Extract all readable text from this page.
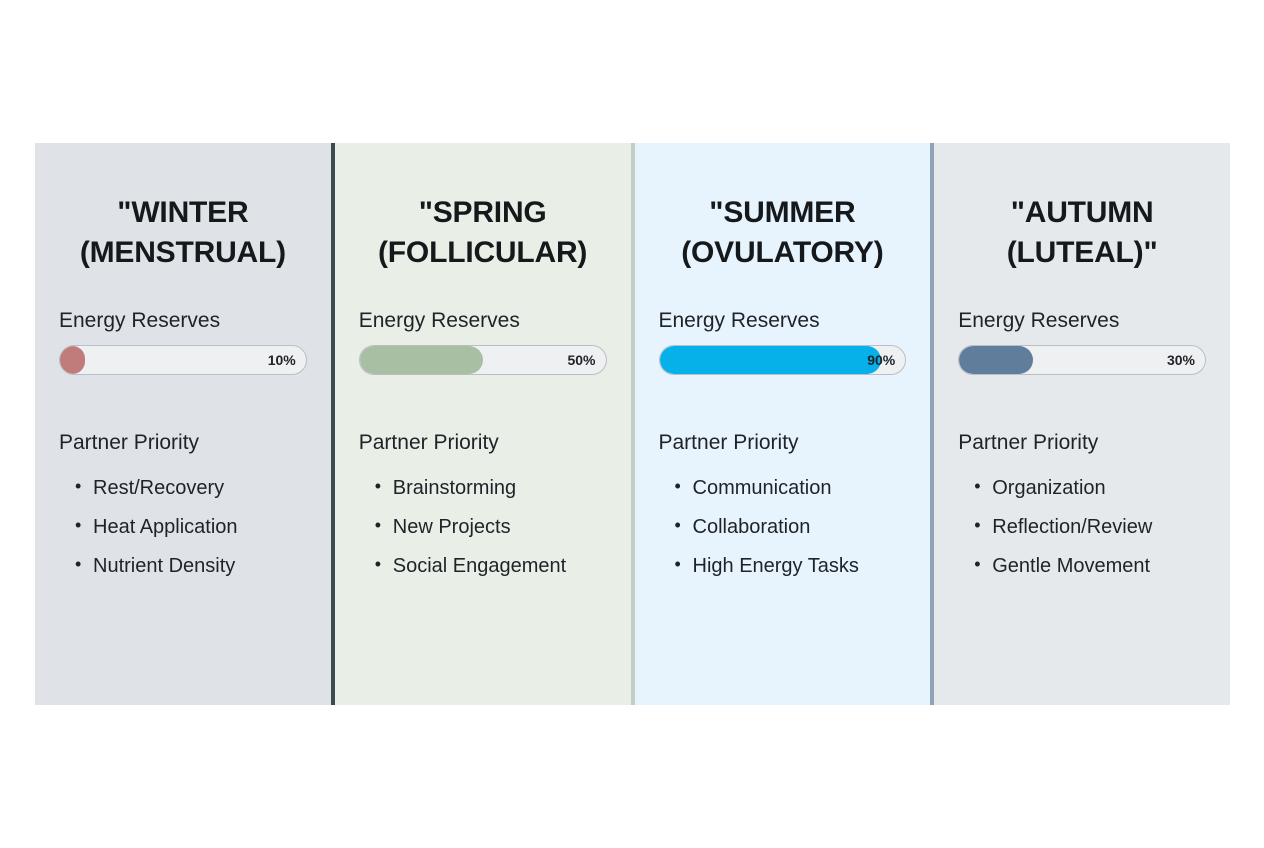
"WINTER (MENSTRUAL)
Energy Reserves
10%
Partner Priority
• Rest/Recovery
• Heat Application
• Nutrient Density
"SPRING (FOLLICULAR)
Energy Reserves
50%
Partner Priority
• Brainstorming
• New Projects
• Social Engagement
"SUMMER (OVULATORY)
Energy Reserves
90%
Partner Priority
• Communication
• Collaboration
• High Energy Tasks
"AUTUMN (LUTEAL)"
Energy Reserves
30%
Partner Priority
• Organization
• Reflection/Review
• Gentle Movement
